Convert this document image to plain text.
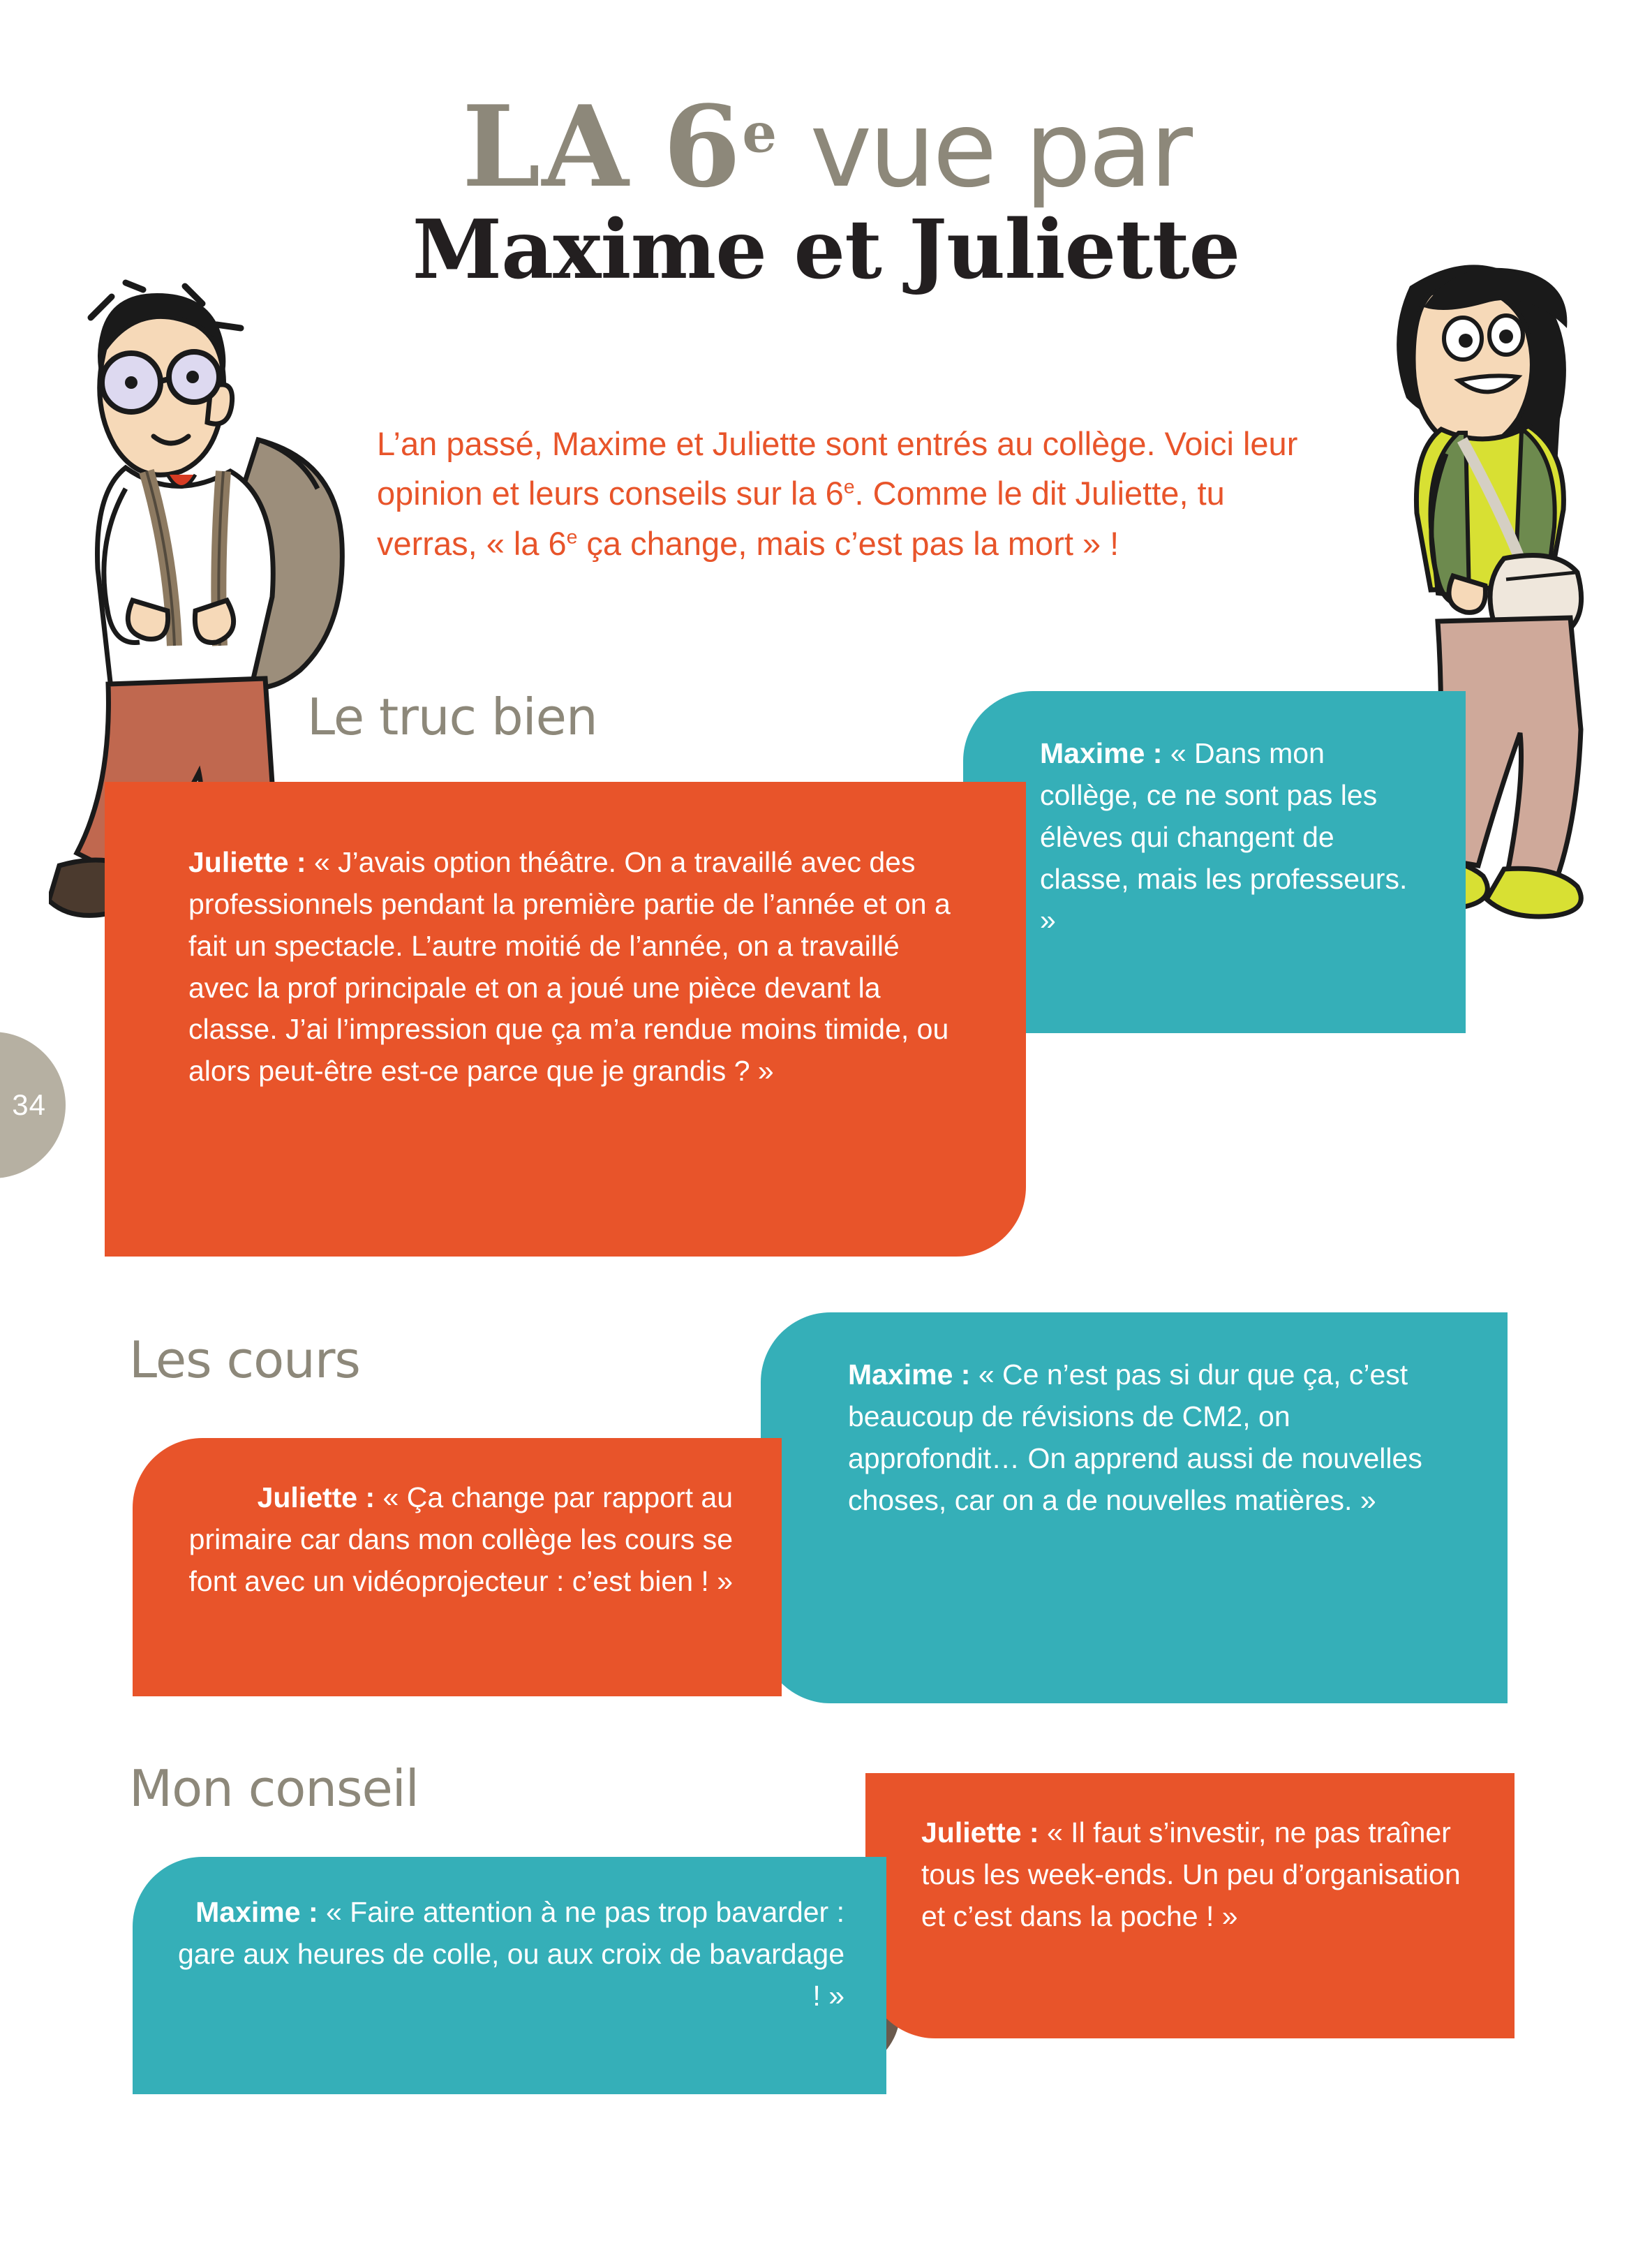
34
LA 6e vue par
Maxime et Juliette
L’an passé, Maxime et Juliette sont entrés au collège. Voici leur opinion et leurs conseils sur la 6e. Comme le dit Juliette, tu verras, « la 6e ça change, mais c’est pas la mort » !
Le truc bien
Maxime : « Dans mon collège, ce ne sont pas les élèves qui changent de classe, mais les professeurs. »
Juliette : « J’avais option théâtre. On a travaillé avec des professionnels pendant la première partie de l’année et on a fait un spectacle. L’autre moitié de l’année, on a travaillé avec la prof principale et on a joué une pièce devant la classe. J’ai l’impression que ça m’a rendue moins timide, ou alors peut-être est-ce parce que je grandis ? »
Les cours	Maxime : « Ce n’est pas si dur que ça, c’est beaucoup de révisions de CM2, on approfondit… On apprend aussi de nouvelles choses, car on a de nouvelles matières. »
Juliette : « Ça change par rapport au primaire car dans mon collège les cours se font avec un vidéoprojecteur : c’est bien ! »
Mon conseil
Juliette : « Il faut s’investir, ne pas traîner tous les week-ends. Un peu d’organisation et c’est dans la poche ! »
Maxime : « Faire attention à ne pas trop bavarder : gare aux heures de colle, ou aux croix de bavardage ! »
